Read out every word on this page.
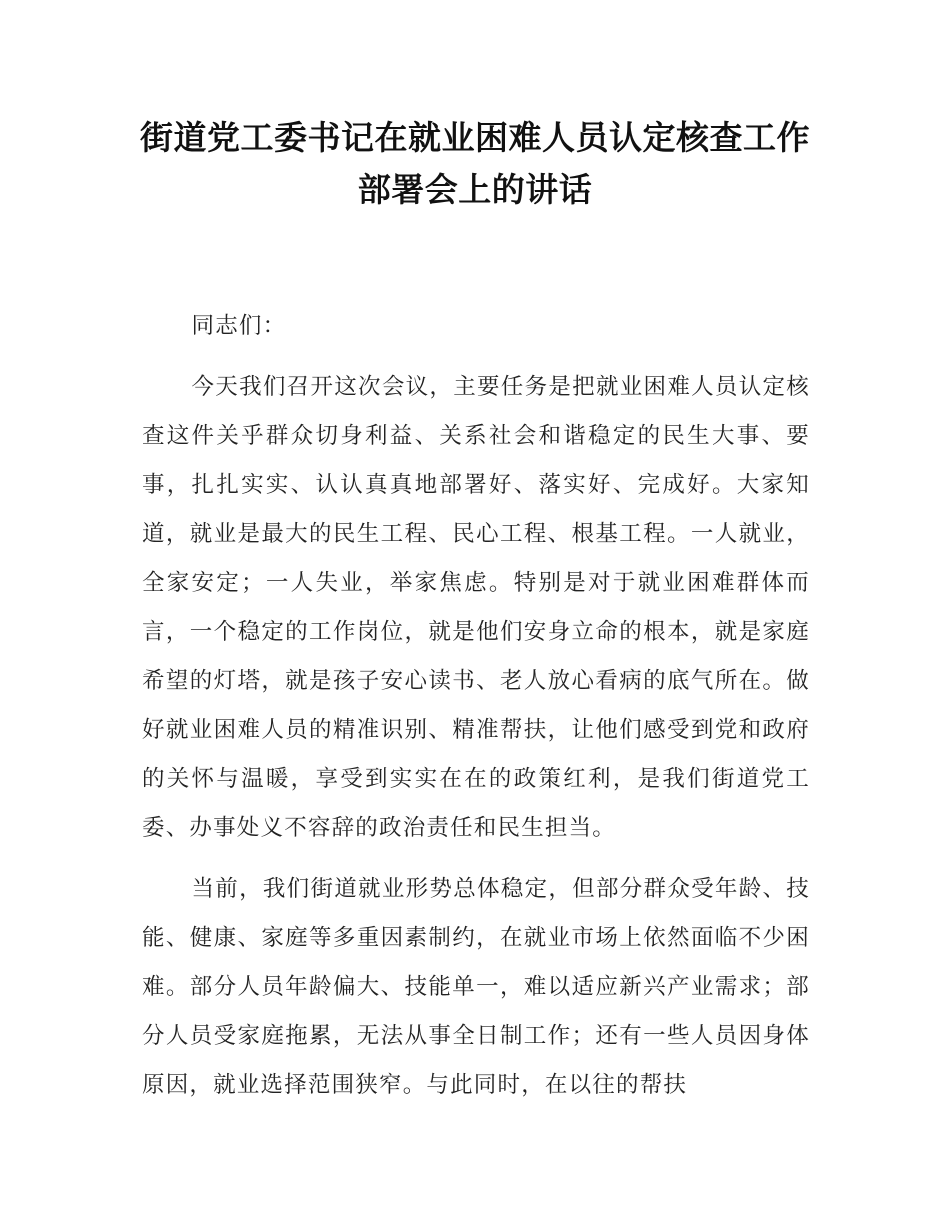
街道党工委书记在就业困难人员认定核查工作部署会上的讲话

同志们：

今天我们召开这次会议，主要任务是把就业困难人员认定核查这件关乎群众切身利益、关系社会和谐稳定的民生大事、要事，扎扎实实、认认真真地部署好、落实好、完成好。大家知道，就业是最大的民生工程、民心工程、根基工程。一人就业，全家安定；一人失业，举家焦虑。特别是对于就业困难群体而言，一个稳定的工作岗位，就是他们安身立命的根本，就是家庭希望的灯塔，就是孩子安心读书、老人放心看病的底气所在。做好就业困难人员的精准识别、精准帮扶，让他们感受到党和政府的关怀与温暖，享受到实实在在的政策红利，是我们街道党工委、办事处义不容辞的政治责任和民生担当。

当前，我们街道就业形势总体稳定，但部分群众受年龄、技能、健康、家庭等多重因素制约，在就业市场上依然面临不少困难。部分人员年龄偏大、技能单一，难以适应新兴产业需求；部分人员受家庭拖累，无法从事全日制工作；还有一些人员因身体原因，就业选择范围狭窄。与此同时，在以往的帮扶
